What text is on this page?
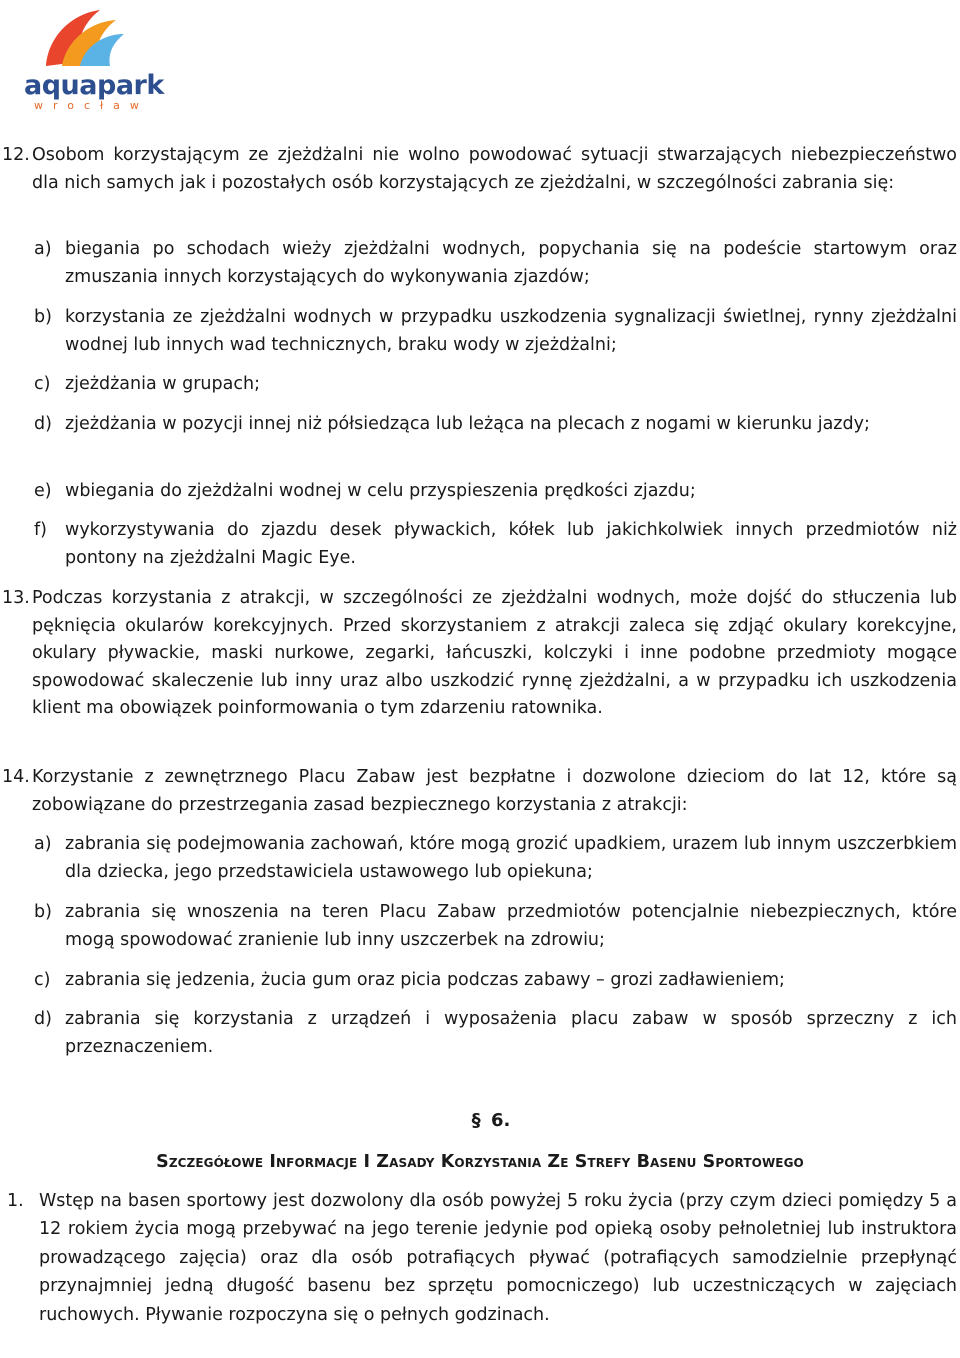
aquapark
wrocław
12. Osobom korzystającym ze zjeżdżalni nie wolno powodować sytuacji stwarzających niebezpieczeństwo dla nich samych jak i pozostałych osób korzystających ze zjeżdżalni, w szczególności zabrania się:
a) biegania po schodach wieży zjeżdżalni wodnych, popychania się na podeście startowym oraz zmuszania innych korzystających do wykonywania zjazdów;
b) korzystania ze zjeżdżalni wodnych w przypadku uszkodzenia sygnalizacji świetlnej, rynny zjeżdżalni wodnej lub innych wad technicznych, braku wody w zjeżdżalni;
c) zjeżdżania w grupach;
d) zjeżdżania w pozycji innej niż półsiedząca lub leżąca na plecach z nogami w kierunku jazdy;
e) wbiegania do zjeżdżalni wodnej w celu przyspieszenia prędkości zjazdu;
f) wykorzystywania do zjazdu desek pływackich, kółek lub jakichkolwiek innych przedmiotów niż pontony na zjeżdżalni Magic Eye.
13. Podczas korzystania z atrakcji, w szczególności ze zjeżdżalni wodnych, może dojść do stłuczenia lub pęknięcia okularów korekcyjnych. Przed skorzystaniem z atrakcji zaleca się zdjąć okulary korekcyjne, okulary pływackie, maski nurkowe, zegarki, łańcuszki, kolczyki i inne podobne przedmioty mogące spowodować skaleczenie lub inny uraz albo uszkodzić rynnę zjeżdżalni, a w przypadku ich uszkodzenia klient ma obowiązek poinformowania o tym zdarzeniu ratownika.
14. Korzystanie z zewnętrznego Placu Zabaw jest bezpłatne i dozwolone dzieciom do lat 12, które są zobowiązane do przestrzegania zasad bezpiecznego korzystania z atrakcji:
a) zabrania się podejmowania zachowań, które mogą grozić upadkiem, urazem lub innym uszczerbkiem dla dziecka, jego przedstawiciela ustawowego lub opiekuna;
b) zabrania się wnoszenia na teren Placu Zabaw przedmiotów potencjalnie niebezpiecznych, które mogą spowodować zranienie lub inny uszczerbek na zdrowiu;
c) zabrania się jedzenia, żucia gum oraz picia podczas zabawy – grozi zadławieniem;
d) zabrania się korzystania z urządzeń i wyposażenia placu zabaw w sposób sprzeczny z ich przeznaczeniem.
§ 6.
Szczegółowe Informacje I Zasady Korzystania Ze Strefy Basenu Sportowego
1. Wstęp na basen sportowy jest dozwolony dla osób powyżej 5 roku życia (przy czym dzieci pomiędzy 5 a 12 rokiem życia mogą przebywać na jego terenie jedynie pod opieką osoby pełnoletniej lub instruktora prowadzącego zajęcia) oraz dla osób potrafiących pływać (potrafiących samodzielnie przepłynąć przynajmniej jedną długość basenu bez sprzętu pomocniczego) lub uczestniczących w zajęciach ruchowych. Pływanie rozpoczyna się o pełnych godzinach.
